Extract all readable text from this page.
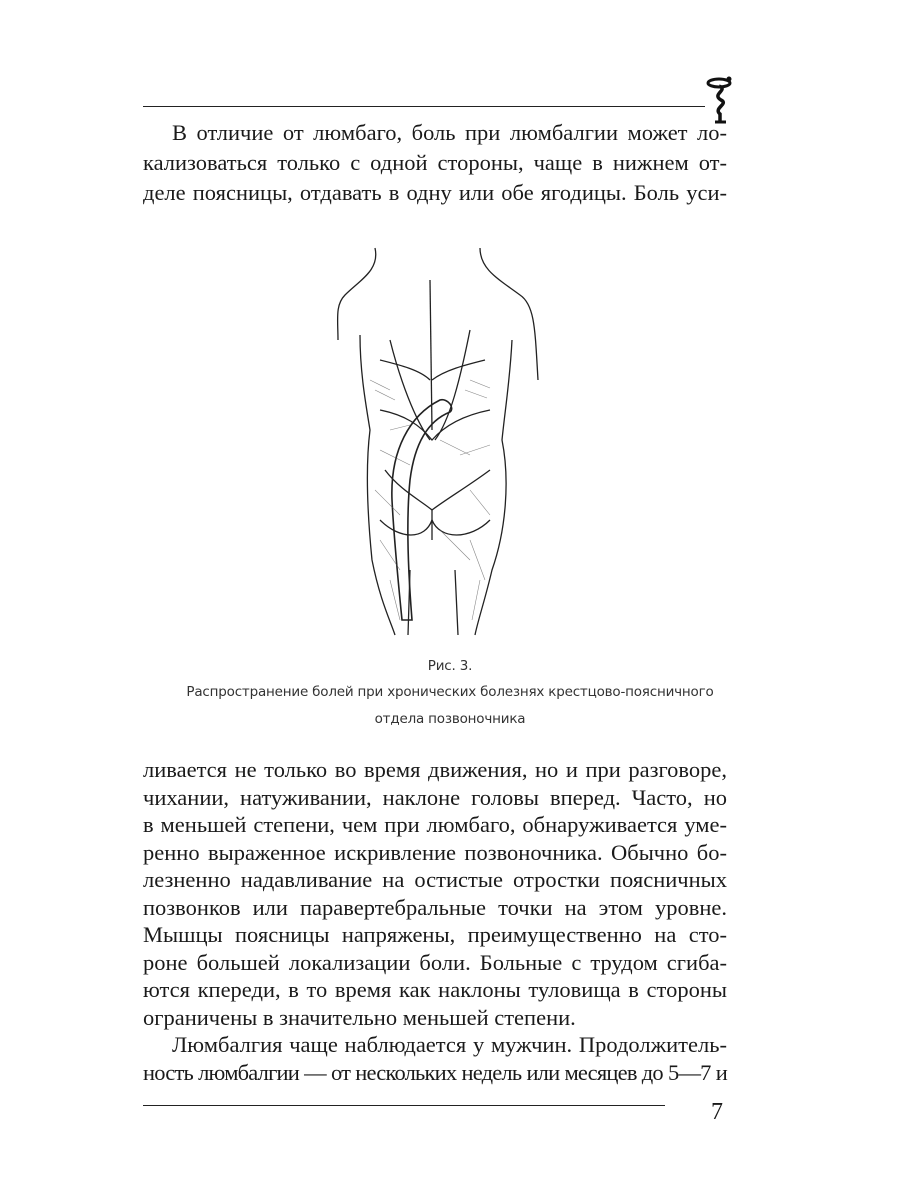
В отличие от люмбаго, боль при люмбалгии может ло-
кализоваться только с одной стороны, чаще в нижнем от-
деле поясницы, отдавать в одну или обе ягодицы. Боль уси-
Рис. 3.
Распространение болей при хронических болезнях крестцово-поясничного
отдела позвоночника
ливается не только во время движения, но и при разговоре,
чихании, натуживании, наклоне головы вперед. Часто, но
в меньшей степени, чем при люмбаго, обнаруживается уме-
ренно выраженное искривление позвоночника. Обычно бо-
лезненно надавливание на остистые отростки поясничных
позвонков или паравертебральные точки на этом уровне.
Мышцы поясницы напряжены, преимущественно на сто-
роне большей локализации боли. Больные с трудом сгиба-
ются кпереди, в то время как наклоны туловища в стороны
ограничены в значительно меньшей степени.
Люмбалгия чаще наблюдается у мужчин. Продолжитель-
ность люмбалгии — от нескольких недель или месяцев до 5—7 и
7
